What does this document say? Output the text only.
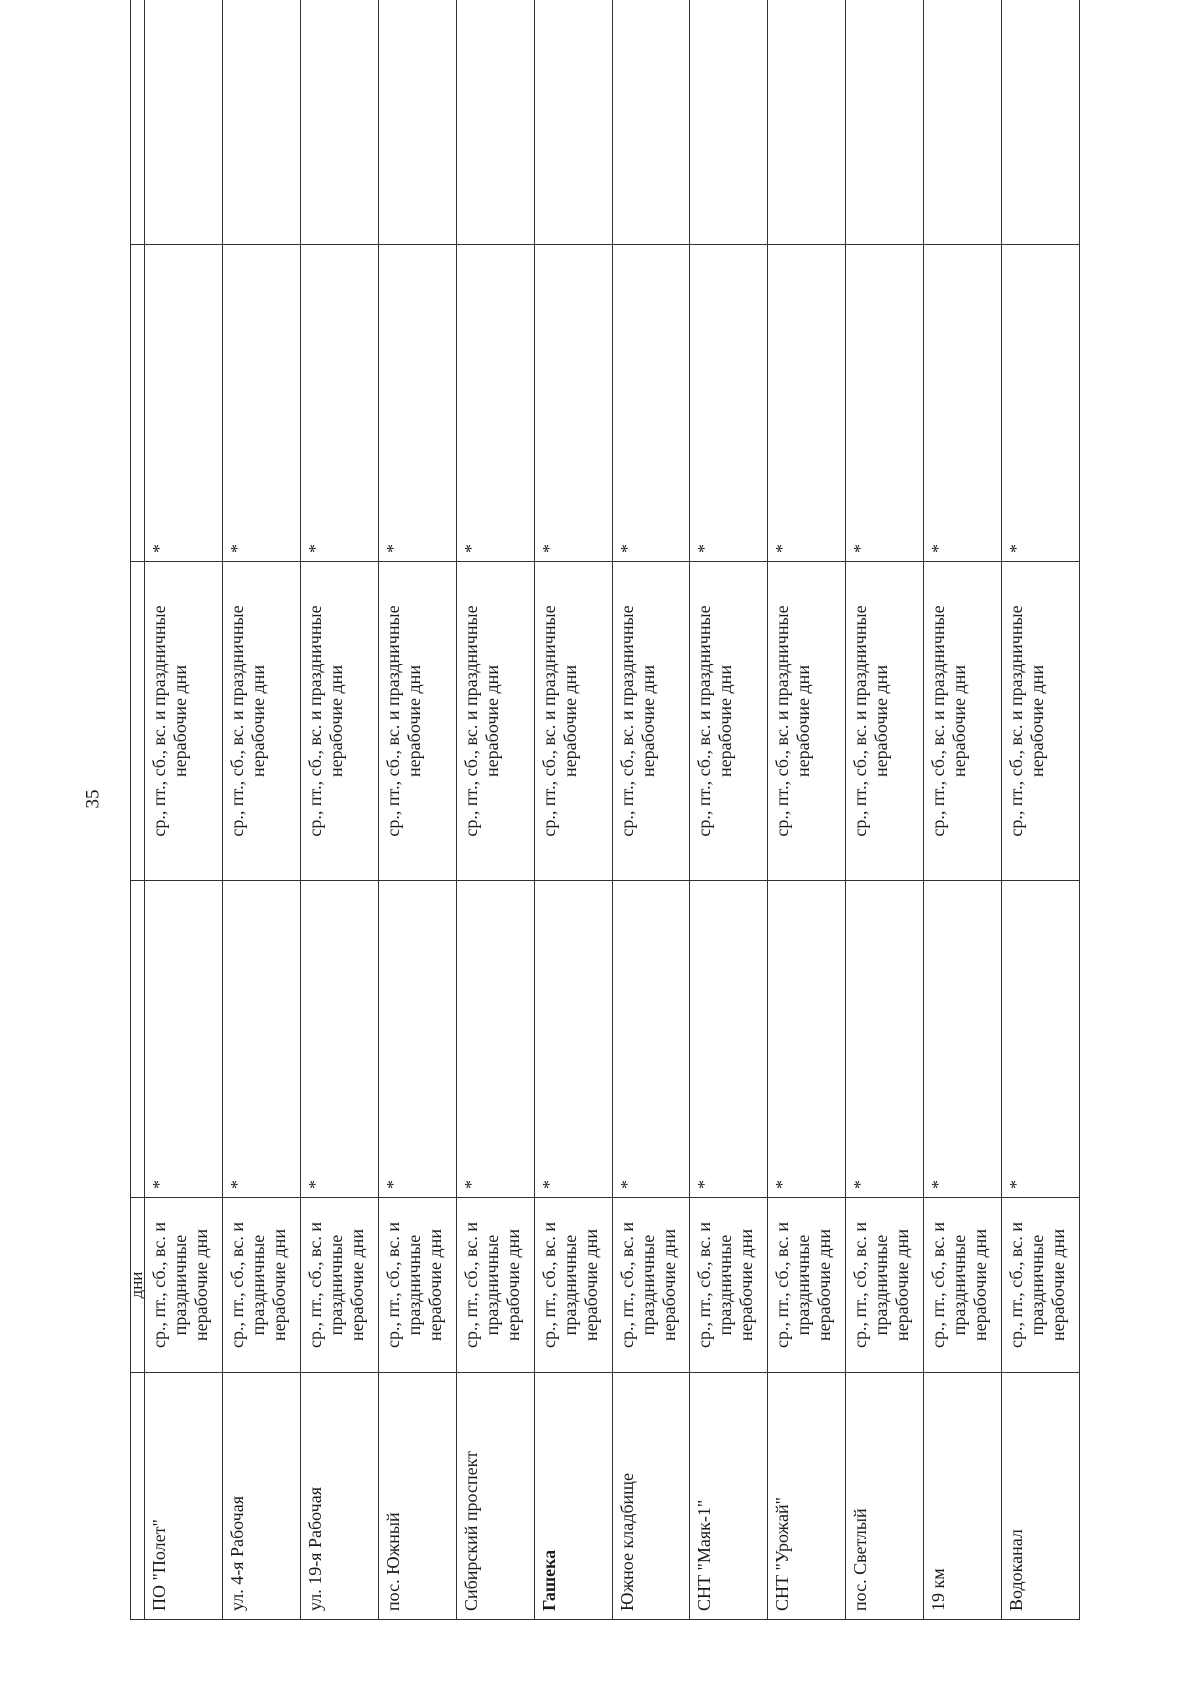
35
	дни				
ПО "Полет"	ср., пт., сб., вс. и праздничные нерабочие дни	*	ср., пт., сб., вс. и праздничные нерабочие дни	*	
ул. 4-я Рабочая	ср., пт., сб., вс. и праздничные нерабочие дни	*	ср., пт., сб., вс. и праздничные нерабочие дни	*	
ул. 19-я Рабочая	ср., пт., сб., вс. и праздничные нерабочие дни	*	ср., пт., сб., вс. и праздничные нерабочие дни	*	
пос. Южный	ср., пт., сб., вс. и праздничные нерабочие дни	*	ср., пт., сб., вс. и праздничные нерабочие дни	*	
Сибирский проспект	ср., пт., сб., вс. и праздничные нерабочие дни	*	ср., пт., сб., вс. и праздничные нерабочие дни	*	
Гашека	ср., пт., сб., вс. и праздничные нерабочие дни	*	ср., пт., сб., вс. и праздничные нерабочие дни	*	
Южное кладбище	ср., пт., сб., вс. и праздничные нерабочие дни	*	ср., пт., сб., вс. и праздничные нерабочие дни	*	
СНТ "Маяк-1"	ср., пт., сб., вс. и праздничные нерабочие дни	*	ср., пт., сб., вс. и праздничные нерабочие дни	*	
СНТ "Урожай"	ср., пт., сб., вс. и праздничные нерабочие дни	*	ср., пт., сб., вс. и праздничные нерабочие дни	*	
пос. Светлый	ср., пт., сб., вс. и праздничные нерабочие дни	*	ср., пт., сб., вс. и праздничные нерабочие дни	*	
19 км	ср., пт., сб., вс. и праздничные нерабочие дни	*	ср., пт., сб., вс. и праздничные нерабочие дни	*	
Водоканал	ср., пт., сб., вс. и праздничные нерабочие дни	*	ср., пт., сб., вс. и праздничные нерабочие дни	*	
